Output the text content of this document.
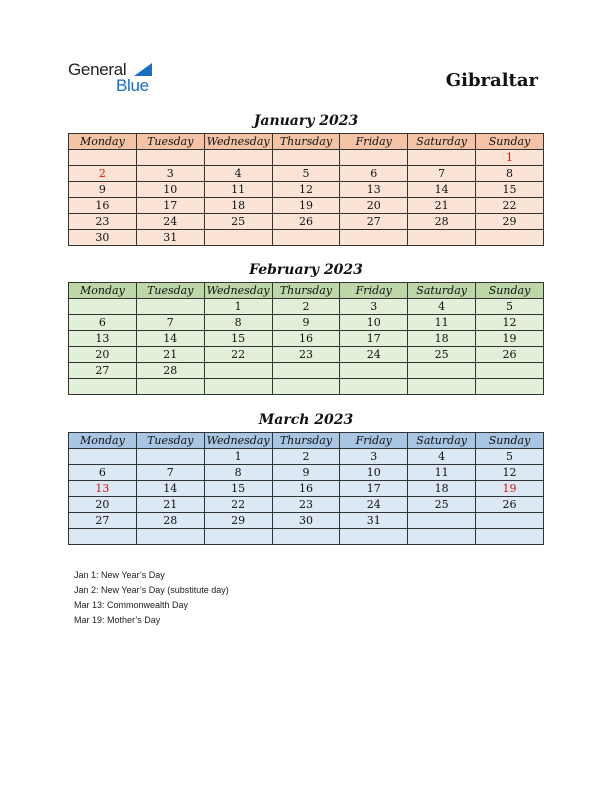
General
Blue	Gibraltar
January 2023
Monday	Tuesday	Wednesday	Thursday	Friday	Saturday	Sunday
						1
2	3	4	5	6	7	8
9	10	11	12	13	14	15
16	17	18	19	20	21	22
23	24	25	26	27	28	29
30	31					
February 2023
Monday	Tuesday	Wednesday	Thursday	Friday	Saturday	Sunday
		1	2	3	4	5
6	7	8	9	10	11	12
13	14	15	16	17	18	19
20	21	22	23	24	25	26
27	28					

March 2023
Monday	Tuesday	Wednesday	Thursday	Friday	Saturday	Sunday
		1	2	3	4	5
6	7	8	9	10	11	12
13	14	15	16	17	18	19
20	21	22	23	24	25	26
27	28	29	30	31		

Jan 1: New Year’s Day
Jan 2: New Year’s Day (substitute day)
Mar 13: Commonwealth Day
Mar 19: Mother’s Day
